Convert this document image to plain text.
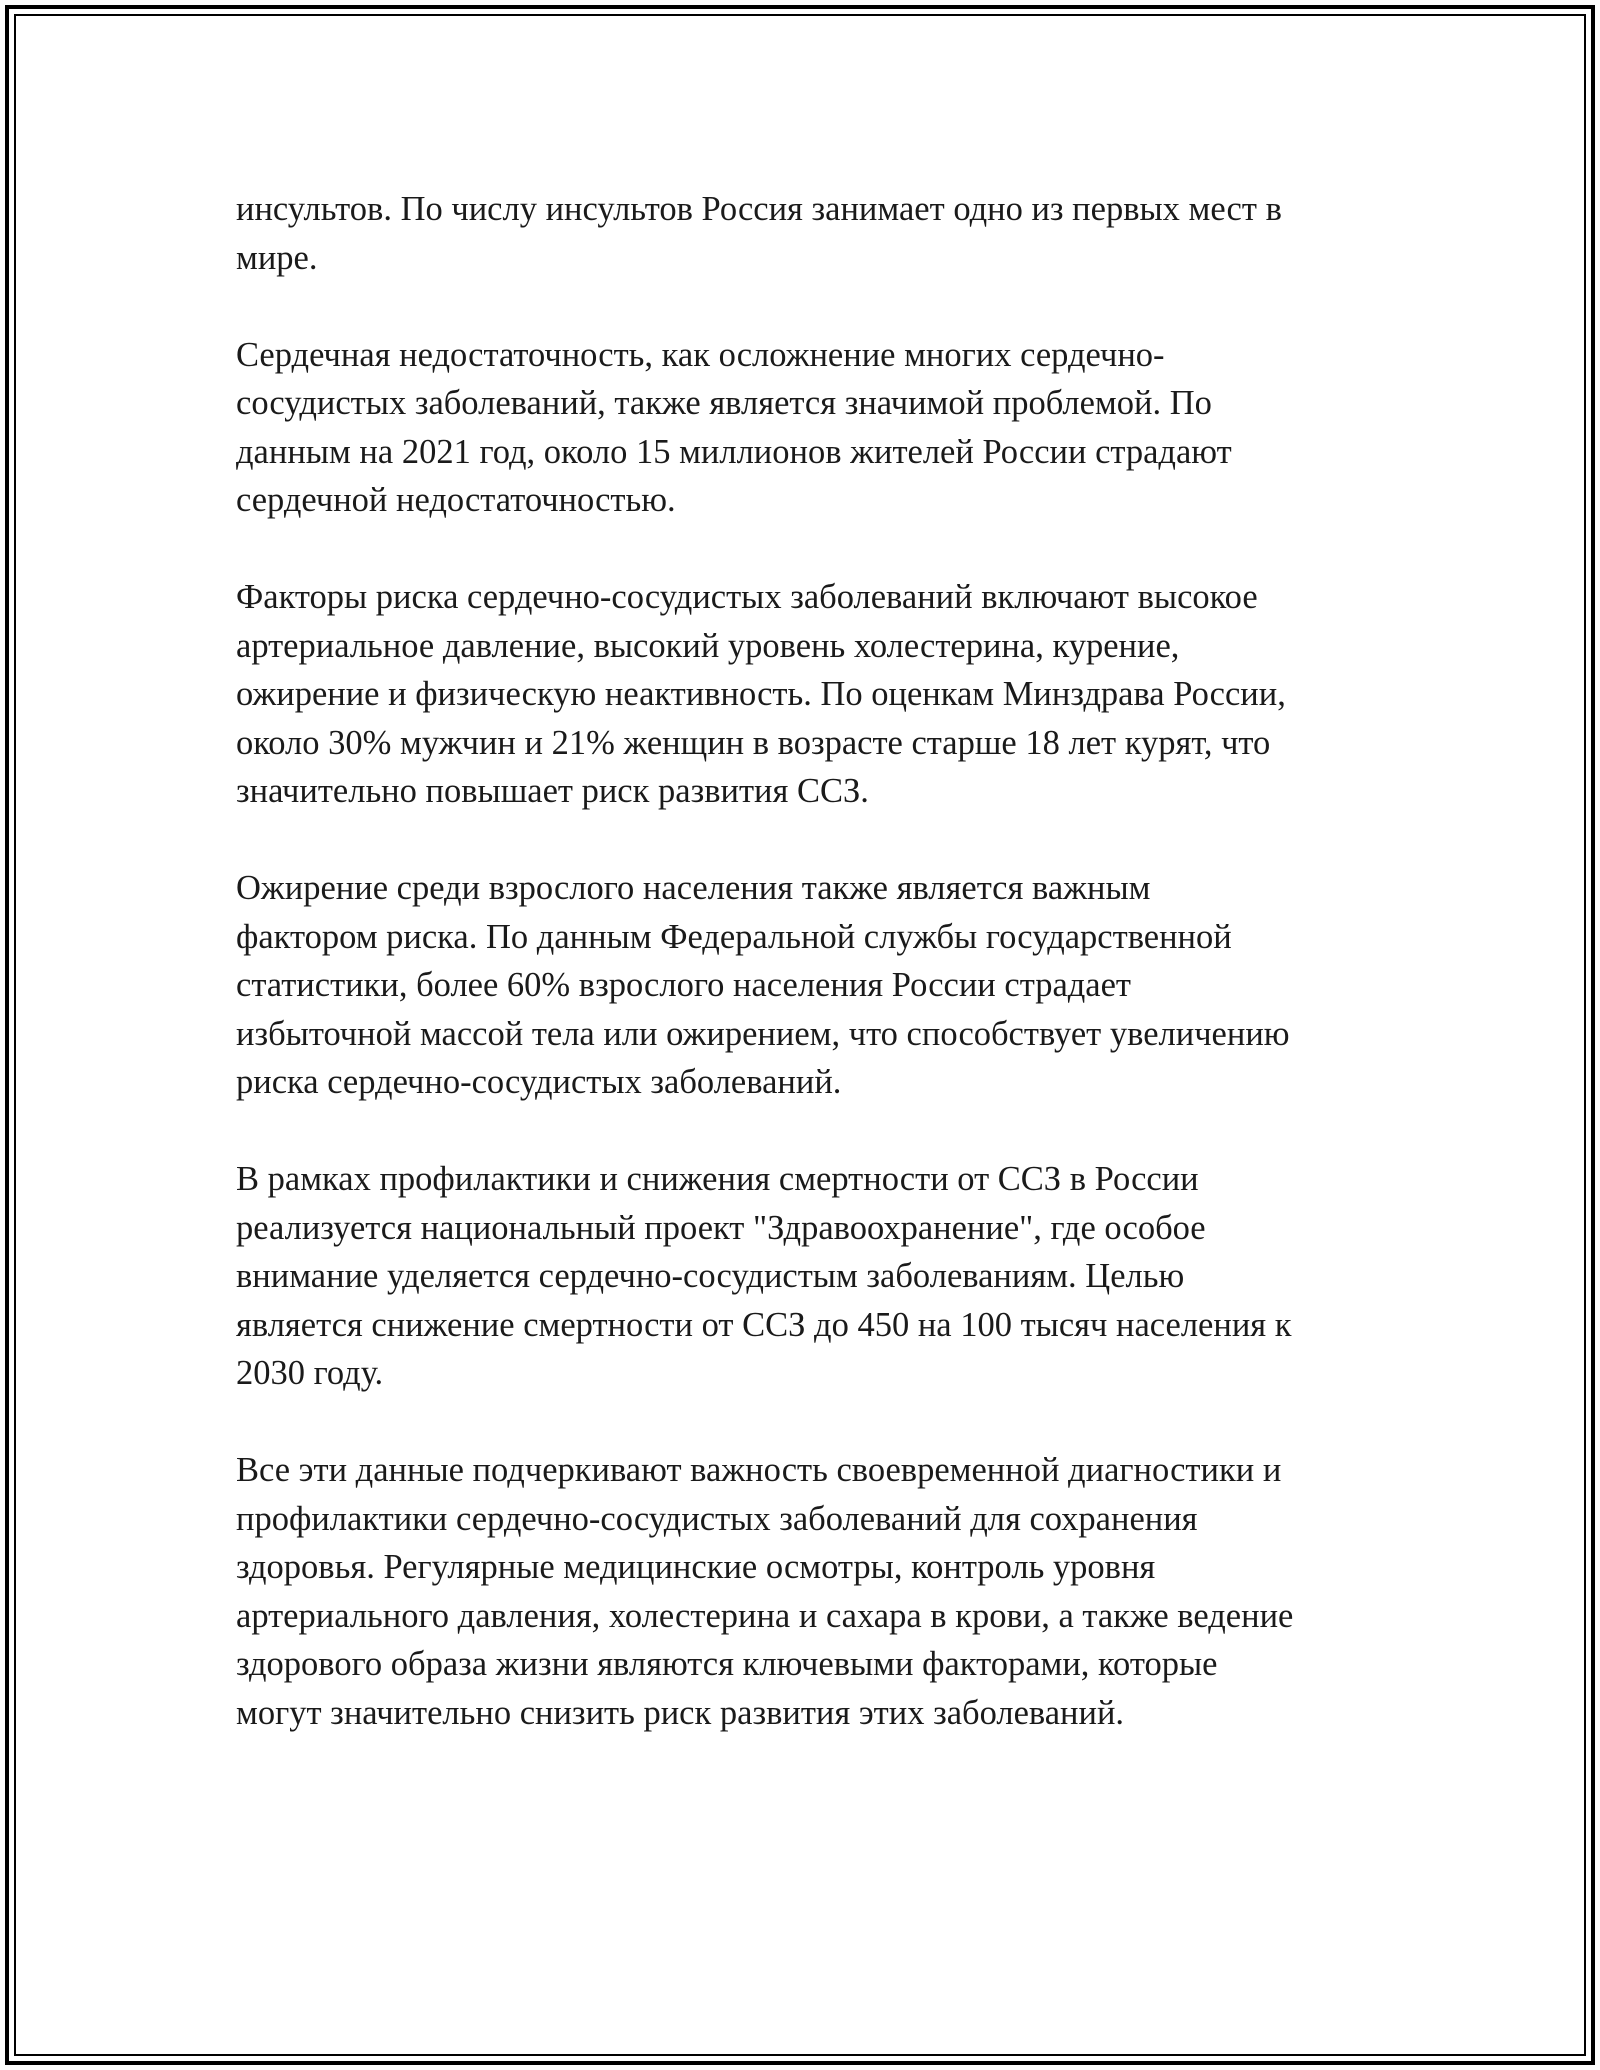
инсультов. По числу инсультов Россия занимает одно из первых мест в
мире.

Сердечная недостаточность, как осложнение многих сердечно-
сосудистых заболеваний, также является значимой проблемой. По
данным на 2021 год, около 15 миллионов жителей России страдают
сердечной недостаточностью.

Факторы риска сердечно-сосудистых заболеваний включают высокое
артериальное давление, высокий уровень холестерина, курение,
ожирение и физическую неактивность. По оценкам Минздрава России,
около 30% мужчин и 21% женщин в возрасте старше 18 лет курят, что
значительно повышает риск развития ССЗ.

Ожирение среди взрослого населения также является важным
фактором риска. По данным Федеральной службы государственной
статистики, более 60% взрослого населения России страдает
избыточной массой тела или ожирением, что способствует увеличению
риска сердечно-сосудистых заболеваний.

В рамках профилактики и снижения смертности от ССЗ в России
реализуется национальный проект "Здравоохранение", где особое
внимание уделяется сердечно-сосудистым заболеваниям. Целью
является снижение смертности от ССЗ до 450 на 100 тысяч населения к
2030 году.

Все эти данные подчеркивают важность своевременной диагностики и
профилактики сердечно-сосудистых заболеваний для сохранения
здоровья. Регулярные медицинские осмотры, контроль уровня
артериального давления, холестерина и сахара в крови, а также ведение
здорового образа жизни являются ключевыми факторами, которые
могут значительно снизить риск развития этих заболеваний.
